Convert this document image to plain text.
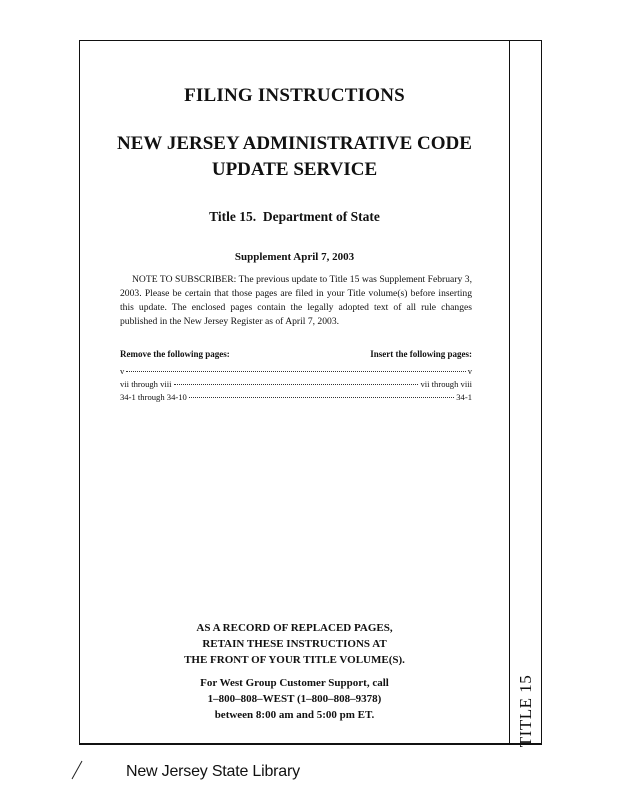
FILING INSTRUCTIONS
NEW JERSEY ADMINISTRATIVE CODE
UPDATE SERVICE
Title 15.  Department of State
Supplement April 7, 2003
NOTE TO SUBSCRIBER: The previous update to Title 15 was Supplement February 3, 2003. Please be certain that those pages are filed in your Title volume(s) before inserting this update. The enclosed pages contain the legally adopted text of all rule changes published in the New Jersey Register as of April 7, 2003.
Remove the following pages:	Insert the following pages:
v	v
vii through viii	vii through viii
34-1 through 34-10	34-1
AS A RECORD OF REPLACED PAGES,
RETAIN THESE INSTRUCTIONS AT
THE FRONT OF YOUR TITLE VOLUME(S).
For West Group Customer Support, call
1–800–808–WEST (1–800–808–9378)
between 8:00 am and 5:00 pm ET.	TITLE 15
New Jersey State Library
